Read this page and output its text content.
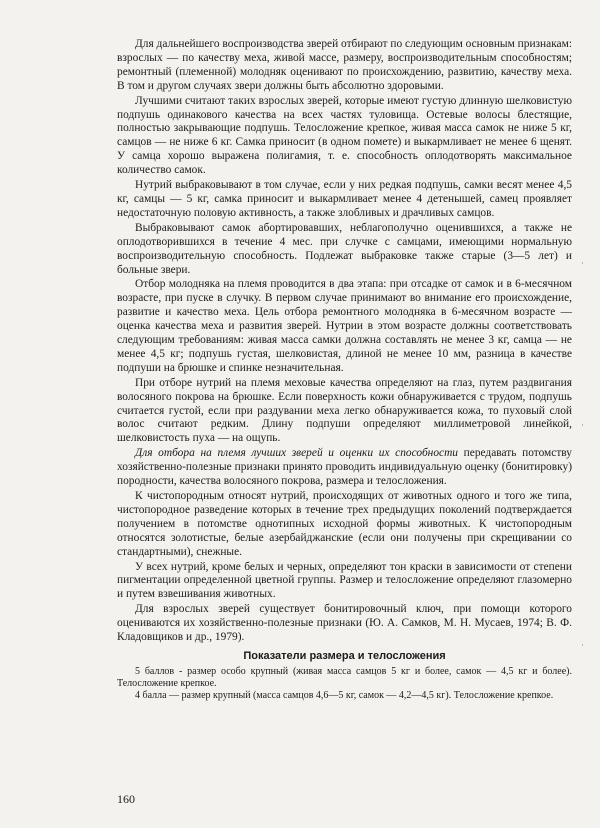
Для дальнейшего воспроизводства зверей отбирают по следующим основным признакам: взрослых — по качеству меха, живой массе, размеру, воспроизводительным способностям; ремонтный (племенной) молодняк оценивают по происхождению, развитию, качеству меха. В том и другом случаях звери должны быть абсолютно здоровыми.

Лучшими считают таких взрослых зверей, которые имеют густую длинную шелковистую подпушь одинакового качества на всех частях туловища. Остевые волосы блестящие, полностью закрывающие подпушь. Телосложение крепкое, живая масса самок не ниже 5 кг, самцов — не ниже 6 кг. Самка приносит (в одном помете) и выкармливает не менее 6 щенят. У самца хорошо выражена полигамия, т. е. способность оплодотворять максимальное количество самок.

Нутрий выбраковывают в том случае, если у них редкая подпушь, самки весят менее 4,5 кг, самцы — 5 кг, самка приносит и выкармливает менее 4 детенышей, самец проявляет недостаточную половую активность, а также злобливых и драчливых самцов.

Выбраковывают самок абортировавших, неблагополучно оценившихся, а также не оплодотворившихся в течение 4 мес. при случке с самцами, имеющими нормальную воспроизводительную способность. Подлежат выбраковке также старые (3—5 лет) и больные звери.

Отбор молодняка на племя проводится в два этапа: при отсадке от самок и в 6-месячном возрасте, при пуске в случку. В первом случае принимают во внимание его происхождение, развитие и качество меха. Цель отбора ремонтного молодняка в 6-месячном возрасте — оценка качества меха и развития зверей. Нутрии в этом возрасте должны соответствовать следующим требованиям: живая масса самки должна составлять не менее 3 кг, самца — не менее 4,5 кг; подпушь густая, шелковистая, длиной не менее 10 мм, разница в качестве подпуши на брюшке и спинке незначительная.

При отборе нутрий на племя меховые качества определяют на глаз, путем раздвигания волосяного покрова на брюшке. Если поверхность кожи обнаруживается с трудом, подпушь считается густой, если при раздувании меха легко обнаруживается кожа, то пуховый слой волос считают редким. Длину подпуши определяют миллиметровой линейкой, шелковистость пуха — на ощупь.

Для отбора на племя лучших зверей и оценки их способности передавать потомству хозяйственно-полезные признаки принято проводить индивидуальную оценку (бонитировку) породности, качества волосяного покрова, размера и телосложения.

К чистопородным относят нутрий, происходящих от животных одного и того же типа, чистопородное разведение которых в течение трех предыдущих поколений подтверждается получением в потомстве однотипных исходной формы животных. К чистопородным относятся золотистые, белые азербайджанские (если они получены при скрещивании со стандартными), снежные.

У всех нутрий, кроме белых и черных, определяют тон краски в зависимости от степени пигментации определенной цветной группы. Размер и телосложение определяют глазомерно и путем взвешивания животных.

Для взрослых зверей существует бонитировочный ключ, при помощи которого оцениваются их хозяйственно-полезные признаки (Ю. А. Самков, М. Н. Мусаев, 1974; В. Ф. Кладовщиков и др., 1979).

Показатели размера и телосложения

5 баллов - размер особо крупный (живая масса самцов 5 кг и более, самок — 4,5 кг и более). Телосложение крепкое.

4 балла — размер крупный (масса самцов 4,6—5 кг, самок — 4,2—4,5 кг). Телосложение крепкое.

160
·
·
·
